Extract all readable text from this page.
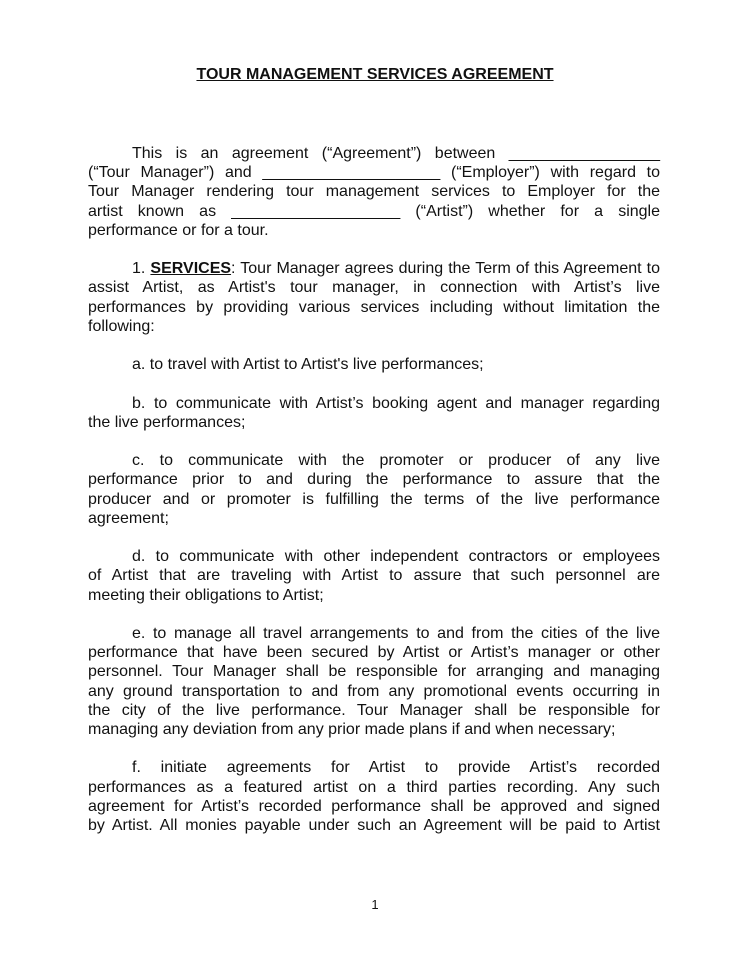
TOUR MANAGEMENT SERVICES AGREEMENT
This is an agreement (“Agreement”) between _________________
(“Tour Manager”) and ____________________ (“Employer”) with regard to
Tour Manager rendering tour management services to Employer for the
artist known as ___________________ (“Artist”) whether for a single
performance or for a tour.
1. SERVICES: Tour Manager agrees during the Term of this Agreement to
assist Artist, as Artist's tour manager, in connection with Artist’s live
performances by providing various services including without limitation the
following:
a. to travel with Artist to Artist's live performances;
b. to communicate with Artist’s booking agent and manager regarding
the live performances;
c. to communicate with the promoter or producer of any live
performance prior to and during the performance to assure that the
producer and or promoter is fulfilling the terms of the live performance
agreement;
d. to communicate with other independent contractors or employees
of Artist that are traveling with Artist to assure that such personnel are
meeting their obligations to Artist;
e. to manage all travel arrangements to and from the cities of the live
performance that have been secured by Artist or Artist’s manager or other
personnel. Tour Manager shall be responsible for arranging and managing
any ground transportation to and from any promotional events occurring in
the city of the live performance. Tour Manager shall be responsible for
managing any deviation from any prior made plans if and when necessary;
f. initiate agreements for Artist to provide Artist’s recorded
performances as a featured artist on a third parties recording. Any such
agreement for Artist’s recorded performance shall be approved and signed
by Artist. All monies payable under such an Agreement will be paid to Artist
1
